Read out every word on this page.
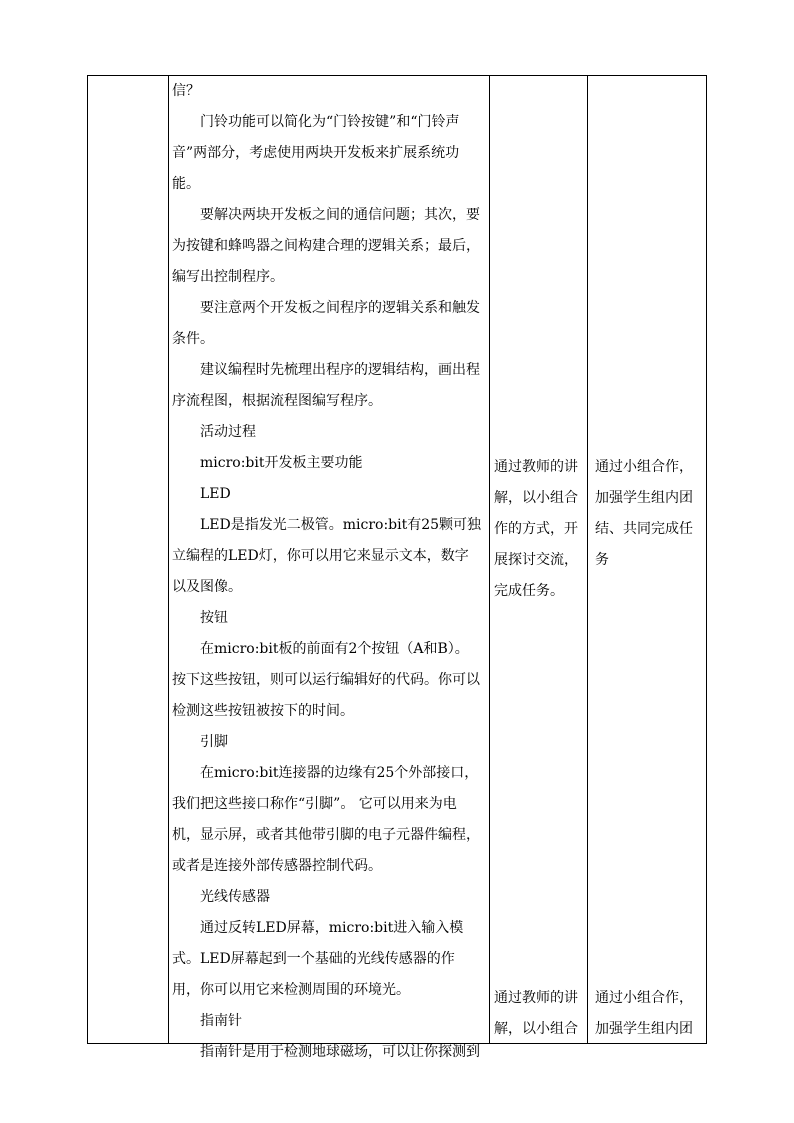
信？

门铃功能可以简化为“门铃按键”和“门铃声音”两部分，考虑使用两块开发板来扩展系统功能。

要解决两块开发板之间的通信问题；其次，要为按键和蜂鸣器之间构建合理的逻辑关系；最后，编写出控制程序。

要注意两个开发板之间程序的逻辑关系和触发条件。

建议编程时先梳理出程序的逻辑结构，画出程序流程图，根据流程图编写程序。

活动过程

micro:bit开发板主要功能

LED

LED是指发光二极管。micro:bit有25颗可独立编程的LED灯，你可以用它来显示文本，数字以及图像。

按钮

在micro:bit板的前面有2个按钮（A和B）。按下这些按钮，则可以运行编辑好的代码。你可以检测这些按钮被按下的时间。

引脚

在micro:bit连接器的边缘有25个外部接口，我们把这些接口称作“引脚”。 它可以用来为电机，显示屏，或者其他带引脚的电子元器件编程，或者是连接外部传感器控制代码。

光线传感器

通过反转LED屏幕，micro:bit进入输入模式。LED屏幕起到一个基础的光线传感器的作用，你可以用它来检测周围的环境光。

指南针

指南针是用于检测地球磁场，可以让你探测到

通过教师的讲解，以小组合作的方式，开展探讨交流，完成任务。
通过小组合作，加强学生组内团结、共同完成任务
通过教师的讲解，以小组合
通过小组合作，加强学生组内团
